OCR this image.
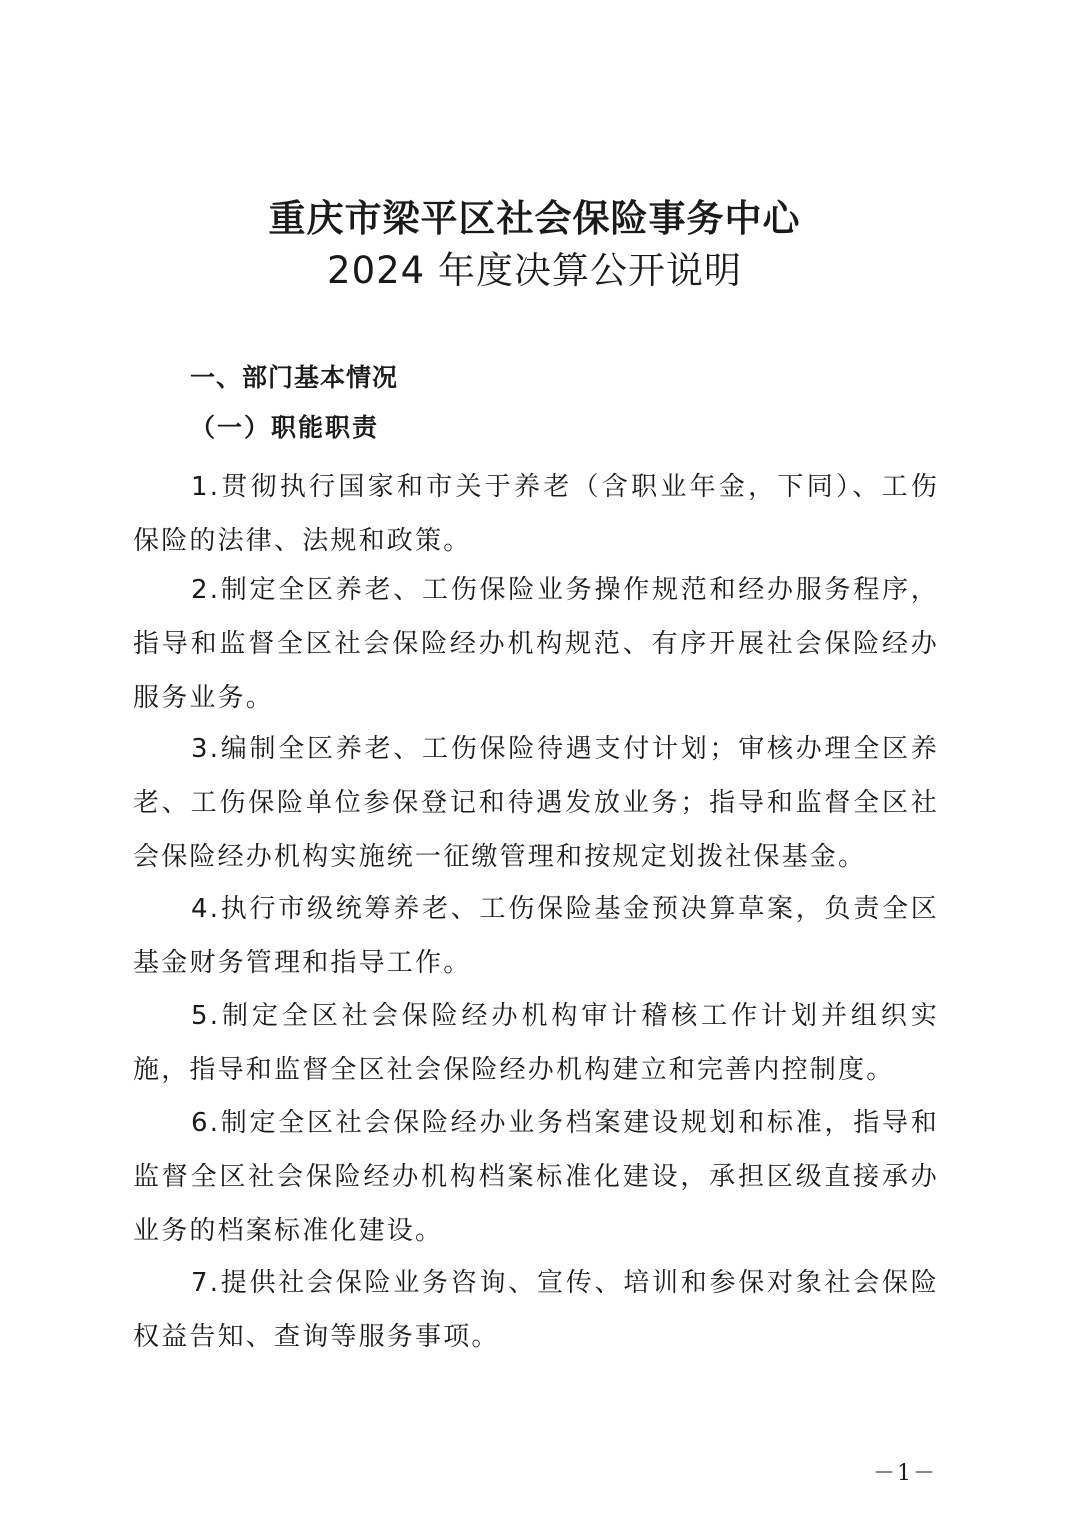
重庆市梁平区社会保险事务中心
2024 年度决算公开说明
一、部门基本情况
（一）职能职责

1.贯彻执行国家和市关于养老（含职业年金，下同）、工伤保险的法律、法规和政策。

2.制定全区养老、工伤保险业务操作规范和经办服务程序，指导和监督全区社会保险经办机构规范、有序开展社会保险经办服务业务。

3.编制全区养老、工伤保险待遇支付计划；审核办理全区养老、工伤保险单位参保登记和待遇发放业务；指导和监督全区社会保险经办机构实施统一征缴管理和按规定划拨社保基金。

4.执行市级统筹养老、工伤保险基金预决算草案，负责全区基金财务管理和指导工作。

5.制定全区社会保险经办机构审计稽核工作计划并组织实施，指导和监督全区社会保险经办机构建立和完善内控制度。

6.制定全区社会保险经办业务档案建设规划和标准，指导和监督全区社会保险经办机构档案标准化建设，承担区级直接承办业务的档案标准化建设。

7.提供社会保险业务咨询、宣传、培训和参保对象社会保险权益告知、查询等服务事项。

－1－
